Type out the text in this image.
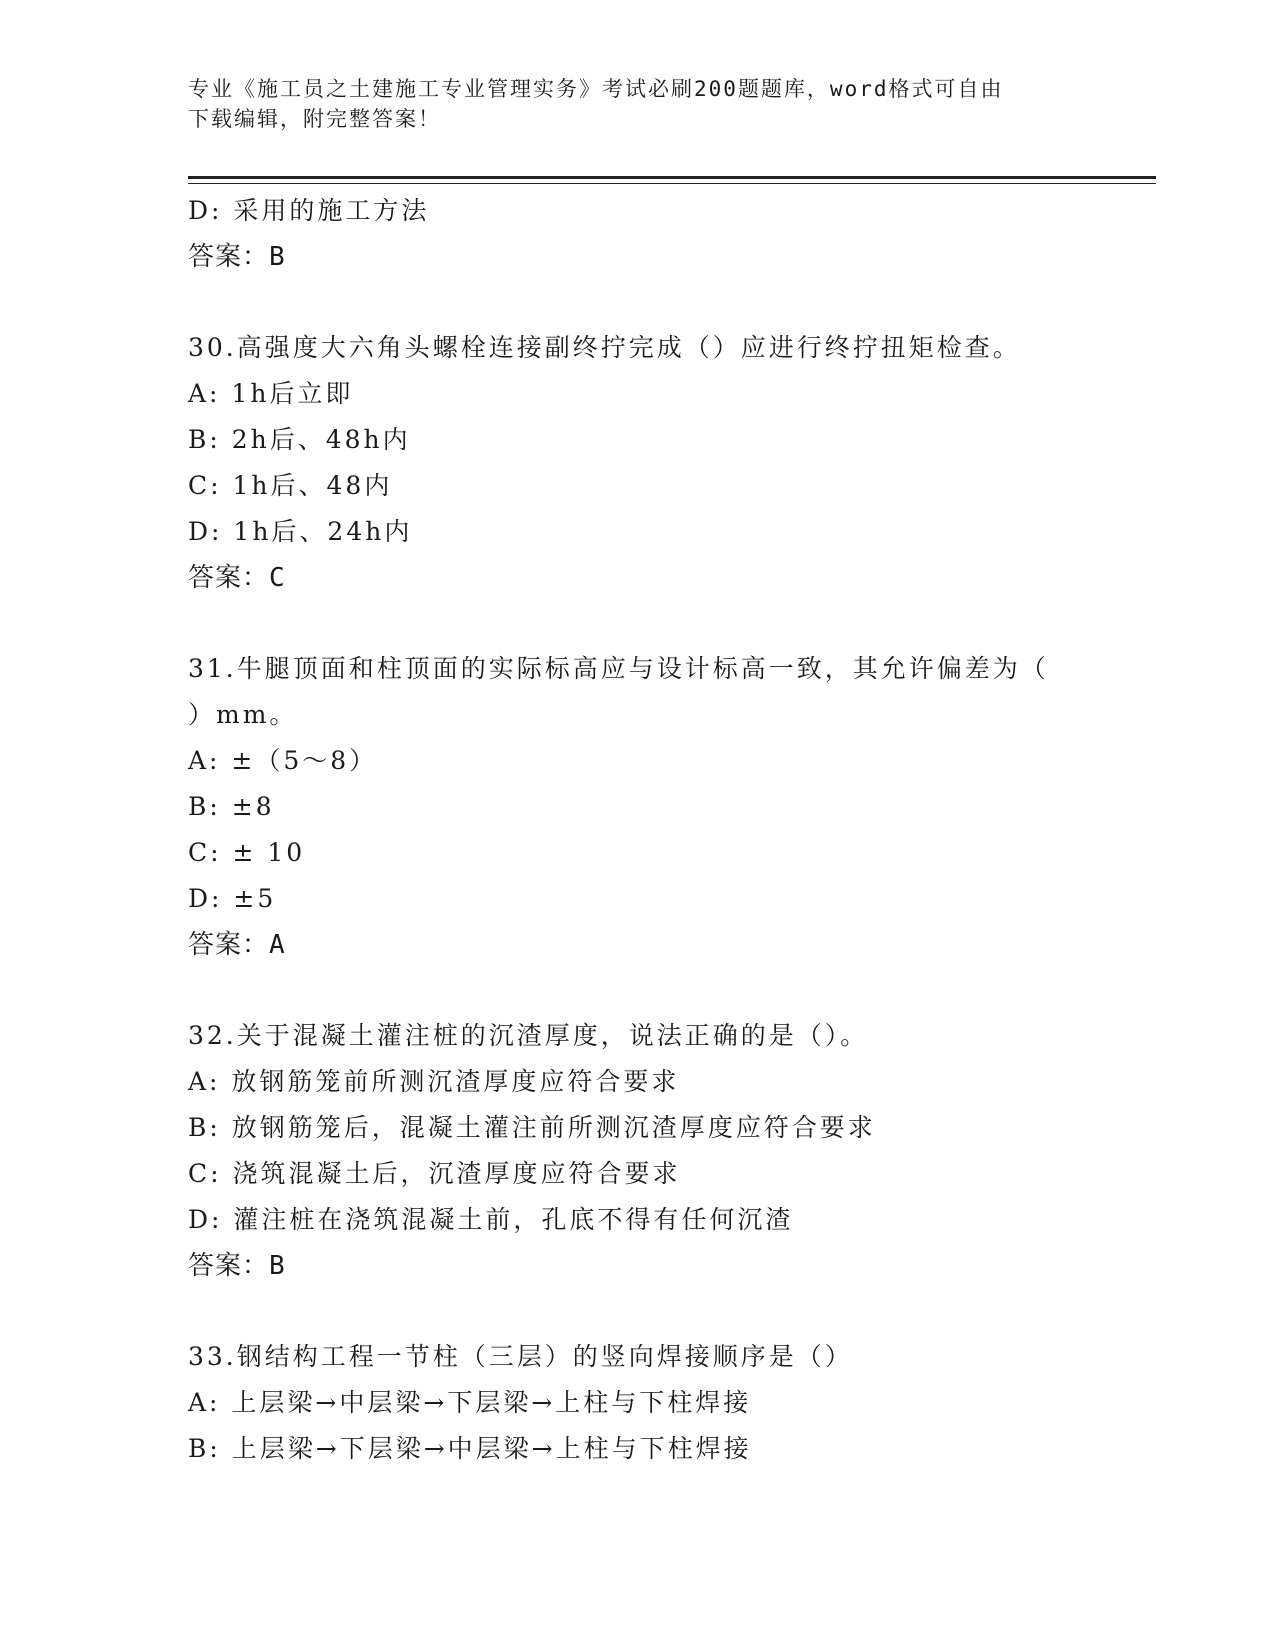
专业《施工员之土建施工专业管理实务》考试必刷200题题库，word格式可自由
下载编辑，附完整答案！
D: 采用的施工方法
答案：B
30.高强度大六角头螺栓连接副终拧完成（）应进行终拧扭矩检查。
A: 1h后立即
B: 2h后、48h内
C: 1h后、48内
D: 1h后、24h内
答案：C
31.牛腿顶面和柱顶面的实际标高应与设计标高一致，其允许偏差为（
）mm。
A: ±（5～8）
B: ±8
C: ± 10
D: ±5
答案：A
32.关于混凝土灌注桩的沉渣厚度，说法正确的是（）。
A: 放钢筋笼前所测沉渣厚度应符合要求
B: 放钢筋笼后，混凝土灌注前所测沉渣厚度应符合要求
C: 浇筑混凝土后，沉渣厚度应符合要求
D: 灌注桩在浇筑混凝土前，孔底不得有任何沉渣
答案：B
33.钢结构工程一节柱（三层）的竖向焊接顺序是（）
A: 上层梁→中层梁→下层梁→上柱与下柱焊接
B: 上层梁→下层梁→中层梁→上柱与下柱焊接
